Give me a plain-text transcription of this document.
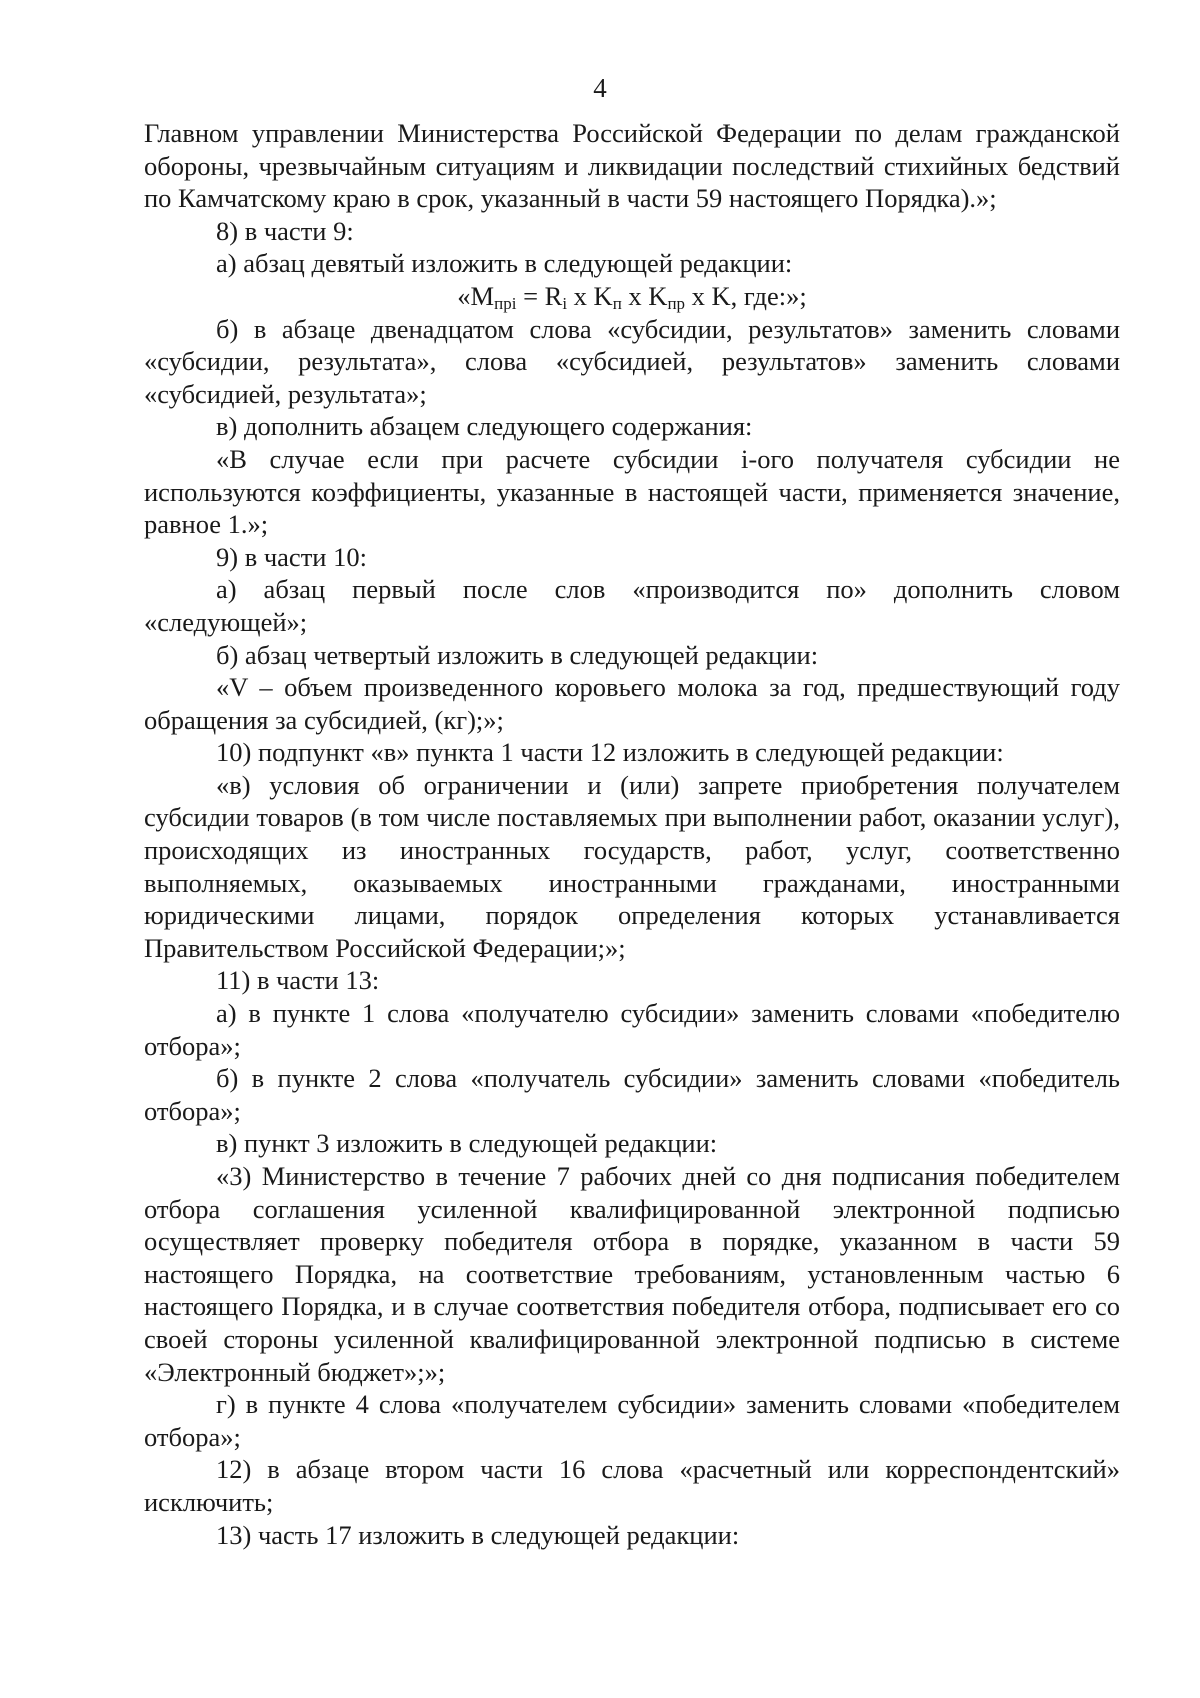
4

Главном управлении Министерства Российской Федерации по делам гражданской обороны, чрезвычайным ситуациям и ликвидации последствий стихийных бедствий по Камчатскому краю в срок, указанный в части 59 настоящего Порядка).»;

8) в части 9:

а) абзац девятый изложить в следующей редакции:

«$M_{прi} = R_i$ x $K_п$ x $K_{пр}$ x K, где:»;

б) в абзаце двенадцатом слова «субсидии, результатов» заменить словами «субсидии, результата», слова «субсидией, результатов» заменить словами «субсидией, результата»;

в) дополнить абзацем следующего содержания:

«В случае если при расчете субсидии i-ого получателя субсидии не используются коэффициенты, указанные в настоящей части, применяется значение, равное 1.»;

9) в части 10:

а) абзац первый после слов «производится по» дополнить словом «следующей»;

б) абзац четвертый изложить в следующей редакции:

«V – объем произведенного коровьего молока за год, предшествующий году обращения за субсидией, (кг);»;

10) подпункт «в» пункта 1 части 12 изложить в следующей редакции:

«в) условия об ограничении и (или) запрете приобретения получателем субсидии товаров (в том числе поставляемых при выполнении работ, оказании услуг), происходящих из иностранных государств, работ, услуг, соответственно выполняемых, оказываемых иностранными гражданами, иностранными юридическими лицами, порядок определения которых устанавливается Правительством Российской Федерации;»;

11) в части 13:

а) в пункте 1 слова «получателю субсидии» заменить словами «победителю отбора»;

б) в пункте 2 слова «получатель субсидии» заменить словами «победитель отбора»;

в) пункт 3 изложить в следующей редакции:

«3) Министерство в течение 7 рабочих дней со дня подписания победителем отбора соглашения усиленной квалифицированной электронной подписью осуществляет проверку победителя отбора в порядке, указанном в части 59 настоящего Порядка, на соответствие требованиям, установленным частью 6 настоящего Порядка, и в случае соответствия победителя отбора, подписывает его со своей стороны усиленной квалифицированной электронной подписью в системе «Электронный бюджет»;»;

г) в пункте 4 слова «получателем субсидии» заменить словами «победителем отбора»;

12) в абзаце втором части 16 слова «расчетный или корреспондентский» исключить;

13) часть 17 изложить в следующей редакции:
